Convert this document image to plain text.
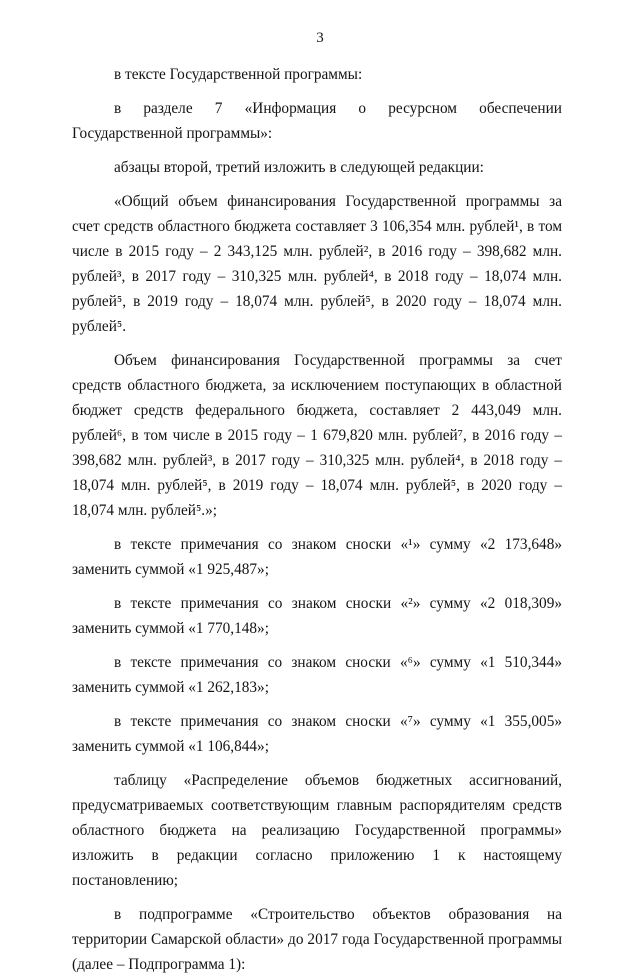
3

в тексте Государственной программы:

в разделе 7 «Информация о ресурсном обеспечении Государственной программы»:

абзацы второй, третий изложить в следующей редакции:

«Общий объем финансирования Государственной программы за счет средств областного бюджета составляет 3 106,354 млн. рублей¹, в том числе в 2015 году – 2 343,125 млн. рублей², в 2016 году – 398,682 млн. рублей³, в 2017 году – 310,325 млн. рублей⁴, в 2018 году – 18,074 млн. рублей⁵, в 2019 году – 18,074 млн. рублей⁵, в 2020 году – 18,074 млн. рублей⁵.

Объем финансирования Государственной программы за счет средств областного бюджета, за исключением поступающих в областной бюджет средств федерального бюджета, составляет 2 443,049 млн. рублей⁶, в том числе в 2015 году – 1 679,820 млн. рублей⁷, в 2016 году – 398,682 млн. рублей³, в 2017 году – 310,325 млн. рублей⁴, в 2018 году – 18,074 млн. рублей⁵, в 2019 году – 18,074 млн. рублей⁵, в 2020 году – 18,074 млн. рублей⁵.»;

в тексте примечания со знаком сноски «¹» сумму «2 173,648» заменить суммой «1 925,487»;

в тексте примечания со знаком сноски «²» сумму «2 018,309» заменить суммой «1 770,148»;

в тексте примечания со знаком сноски «⁶» сумму «1 510,344» заменить суммой «1 262,183»;

в тексте примечания со знаком сноски «⁷» сумму «1 355,005» заменить суммой «1 106,844»;

таблицу «Распределение объемов бюджетных ассигнований, предусматриваемых соответствующим главным распорядителям средств областного бюджета на реализацию Государственной программы» изложить в редакции согласно приложению 1 к настоящему постановлению;

в подпрограмме «Строительство объектов образования на территории Самарской области» до 2017 года Государственной программы (далее – Подпрограмма 1):
